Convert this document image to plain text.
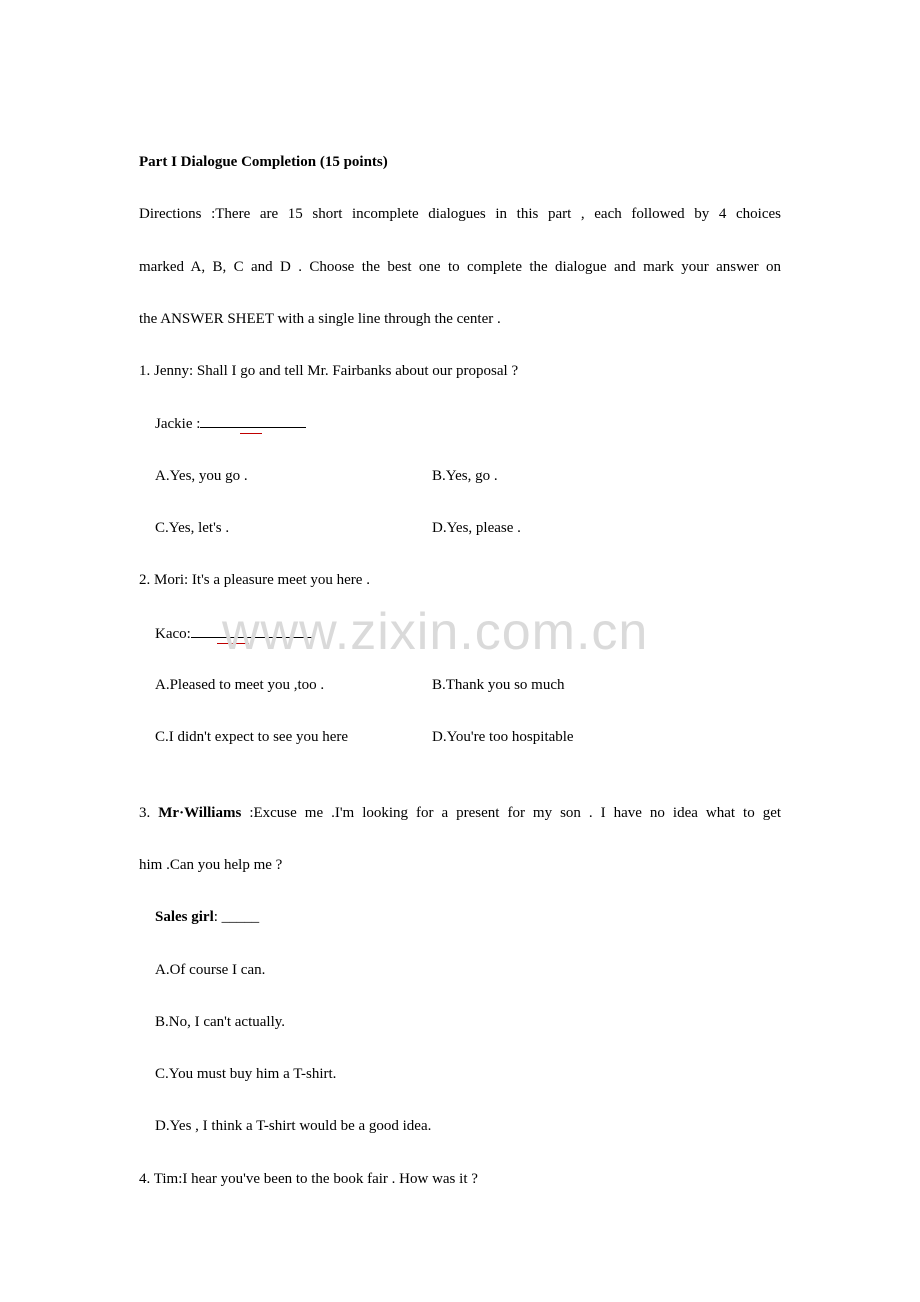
Part I Dialogue Completion (15 points)
Directions :There are 15 short incomplete dialogues in this part , each followed by 4 choices
marked A, B, C and D . Choose the best one to complete the dialogue and mark your answer on
the ANSWER SHEET with a single line through the center .
1. Jenny: Shall I go and tell Mr. Fairbanks about our proposal ?
Jackie :
A.Yes, you go .	B.Yes, go .
C.Yes, let's .	D.Yes, please .
2. Mori: It's a pleasure meet you here .
Kaco:
A.Pleased to meet you ,too .	B.Thank you so much
C.I didn't expect to see you here	D.You're too hospitable
3. Mr·Williams :Excuse me .I'm looking for a present for my son . I have no idea what to get
him .Can you help me ?
Sales girl: _____
A.Of course I can.
B.No, I can't actually.
C.You must buy him a T-shirt.
D.Yes , I think a T-shirt would be a good idea.
4. Tim:I hear you've been to the book fair . How was it ?
www.zixin.com.cn
